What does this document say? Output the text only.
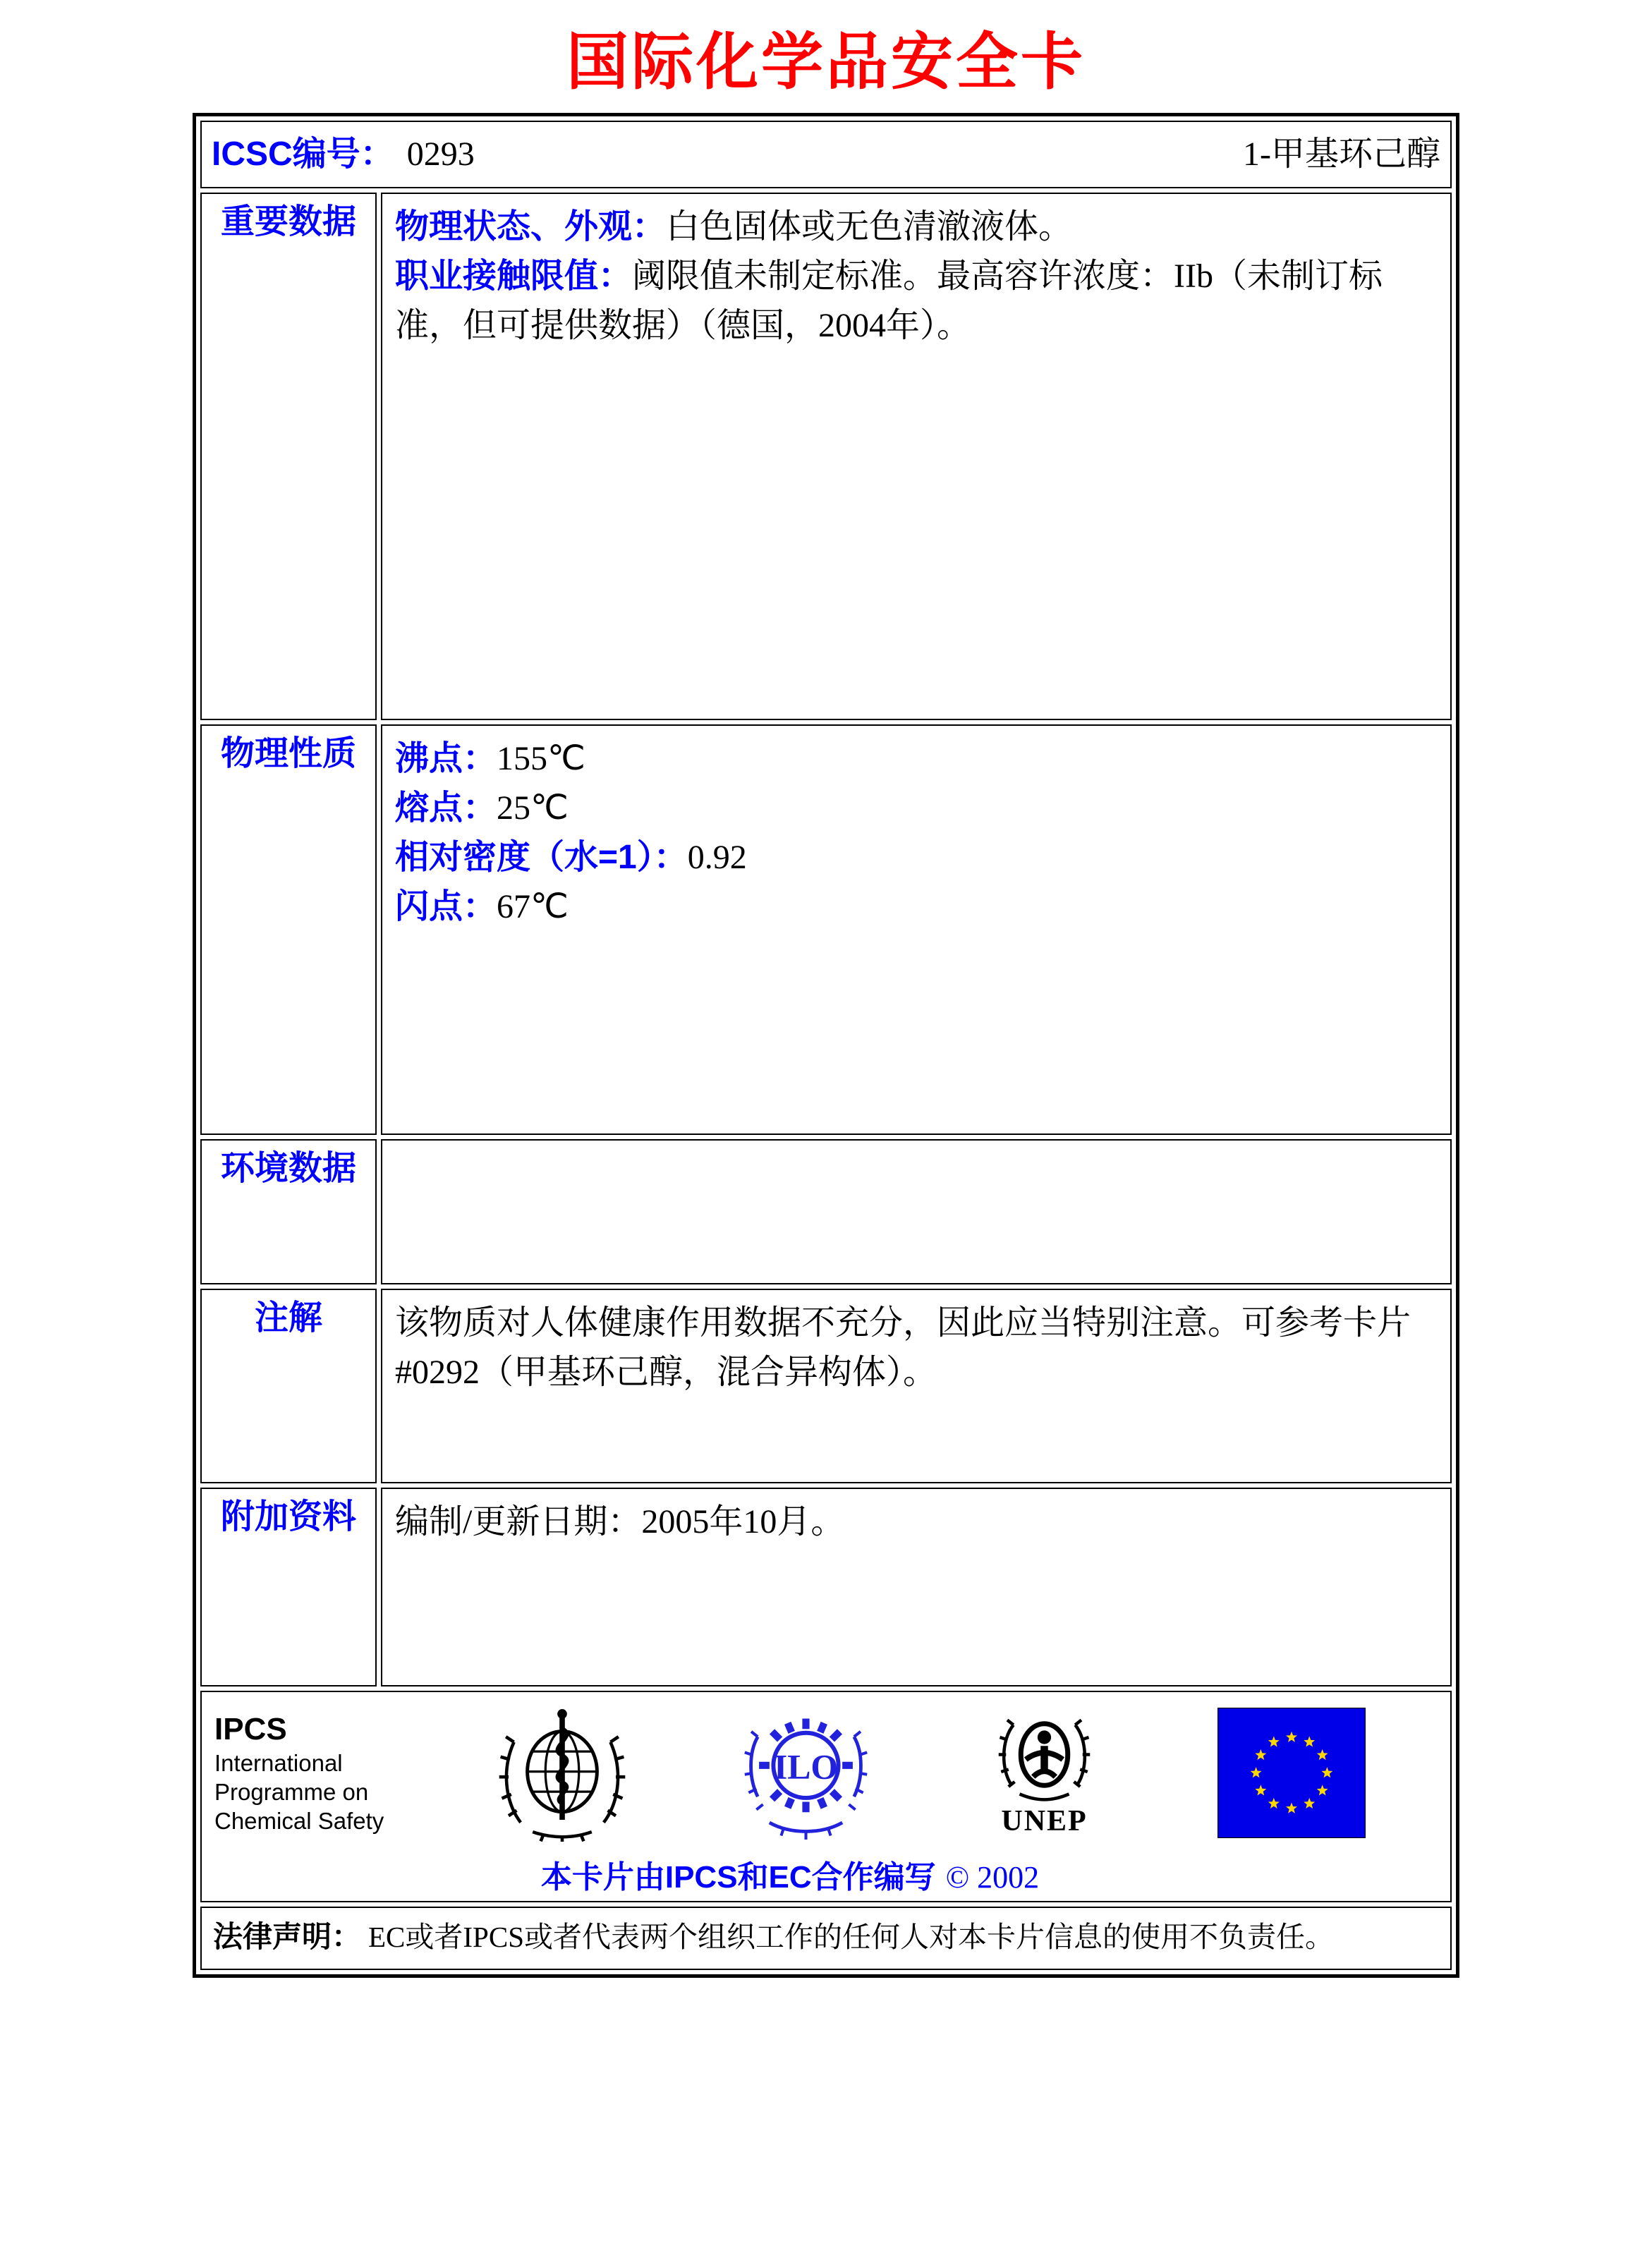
国际化学品安全卡
ICSC编号： 0293 1-甲基环己醇	

重要数据	物理状态、外观：白色固体或无色清澈液体。

职业接触限值：阈限值未制定标准。最高容许浓度：IIb（未制订标准，但可提供数据）（德国，2004年）。

物理性质	沸点：155℃

熔点：25℃

相对密度（水=1）：0.92

闪点：67℃

环境数据	
注解	该物质对人体健康作用数据不充分，因此应当特别注意。可参考卡片#0292（甲基环己醇，混合异构体）。

附加资料	编制/更新日期：2005年10月。

IPCS
International
Programme on
Chemical Safety
ILO
UNEP
本卡片由IPCS和EC合作编写 © 2002

法律声明： EC或者IPCS或者代表两个组织工作的任何人对本卡片信息的使用不负责任。	
